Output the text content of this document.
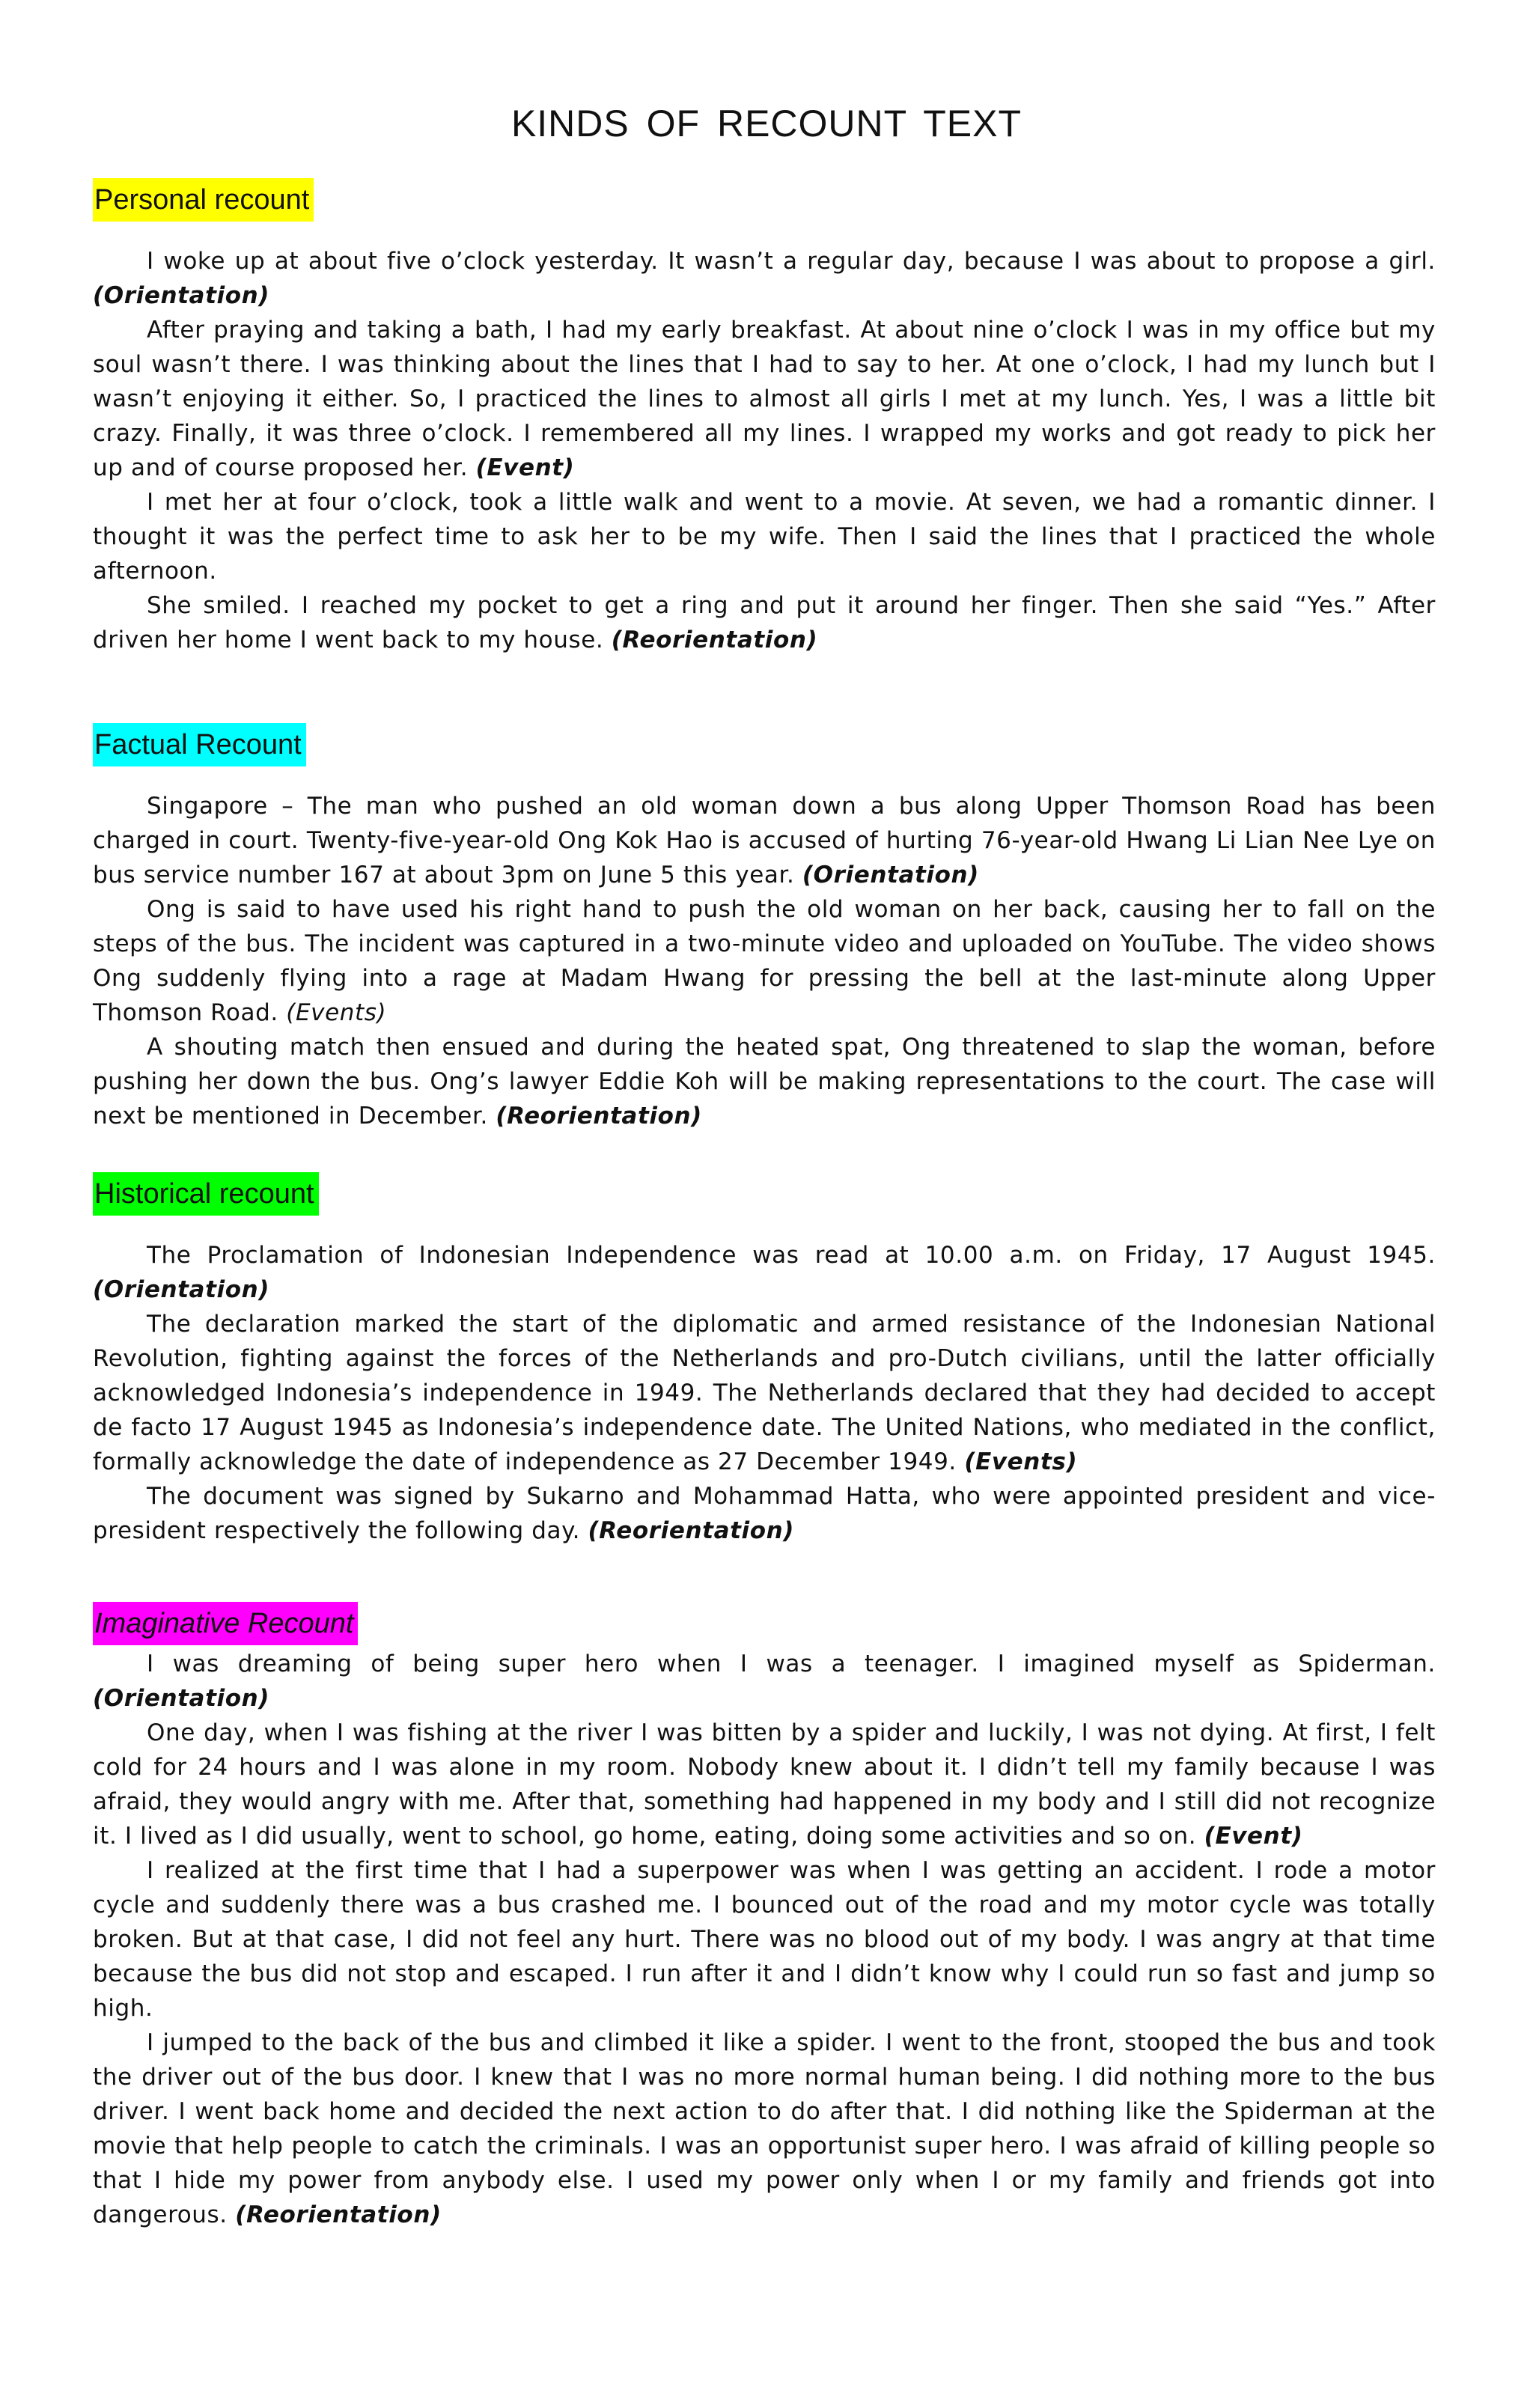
KINDS OF RECOUNT TEXT
Personal recount

I woke up at about five o’clock yesterday. It wasn’t a regular day, because I was about to propose a girl. (Orientation)

After praying and taking a bath, I had my early breakfast. At about nine o’clock I was in my office but my soul wasn’t there. I was thinking about the lines that I had to say to her. At one o’clock, I had my lunch but I wasn’t enjoying it either. So, I practiced the lines to almost all girls I met at my lunch. Yes, I was a little bit crazy. Finally, it was three o’clock. I remembered all my lines. I wrapped my works and got ready to pick her up and of course proposed her. (Event)

I met her at four o’clock, took a little walk and went to a movie. At seven, we had a romantic dinner. I thought it was the perfect time to ask her to be my wife. Then I said the lines that I practiced the whole afternoon.

She smiled. I reached my pocket to get a ring and put it around her finger. Then she said “Yes.” After driven her home I went back to my house. (Reorientation)

Factual Recount

Singapore – The man who pushed an old woman down a bus along Upper Thomson Road has been charged in court. Twenty-five-year-old Ong Kok Hao is accused of hurting 76-year-old Hwang Li Lian Nee Lye on bus service number 167 at about 3pm on June 5 this year. (Orientation)

Ong is said to have used his right hand to push the old woman on her back, causing her to fall on the steps of the bus. The incident was captured in a two-minute video and uploaded on YouTube. The video shows Ong suddenly flying into a rage at Madam Hwang for pressing the bell at the last-minute along Upper Thomson Road. (Events)

A shouting match then ensued and during the heated spat, Ong threatened to slap the woman, before pushing her down the bus. Ong’s lawyer Eddie Koh will be making representations to the court. The case will next be mentioned in December. (Reorientation)

Historical recount

The Proclamation of Indonesian Independence was read at 10.00 a.m. on Friday, 17 August 1945. (Orientation)

The declaration marked the start of the diplomatic and armed resistance of the Indonesian National Revolution, fighting against the forces of the Netherlands and pro-Dutch civilians, until the latter officially acknowledged Indonesia’s independence in 1949. The Netherlands declared that they had decided to accept de facto 17 August 1945 as Indonesia’s independence date. The United Nations, who mediated in the conflict, formally acknowledge the date of independence as 27 December 1949. (Events)

The document was signed by Sukarno and Mohammad Hatta, who were appointed president and vice-president respectively the following day. (Reorientation)

Imaginative Recount

I was dreaming of being super hero when I was a teenager. I imagined myself as Spiderman. (Orientation)

One day, when I was fishing at the river I was bitten by a spider and luckily, I was not dying. At first, I felt cold for 24 hours and I was alone in my room. Nobody knew about it. I didn’t tell my family because I was afraid, they would angry with me. After that, something had happened in my body and I still did not recognize it. I lived as I did usually, went to school, go home, eating, doing some activities and so on. (Event)

I realized at the first time that I had a superpower was when I was getting an accident. I rode a motor cycle and suddenly there was a bus crashed me. I bounced out of the road and my motor cycle was totally broken. But at that case, I did not feel any hurt. There was no blood out of my body. I was angry at that time because the bus did not stop and escaped. I run after it and I didn’t know why I could run so fast and jump so high.

I jumped to the back of the bus and climbed it like a spider. I went to the front, stooped the bus and took the driver out of the bus door. I knew that I was no more normal human being. I did nothing more to the bus driver. I went back home and decided the next action to do after that. I did nothing like the Spiderman at the movie that help people to catch the criminals. I was an opportunist super hero. I was afraid of killing people so that I hide my power from anybody else. I used my power only when I or my family and friends got into dangerous. (Reorientation)
